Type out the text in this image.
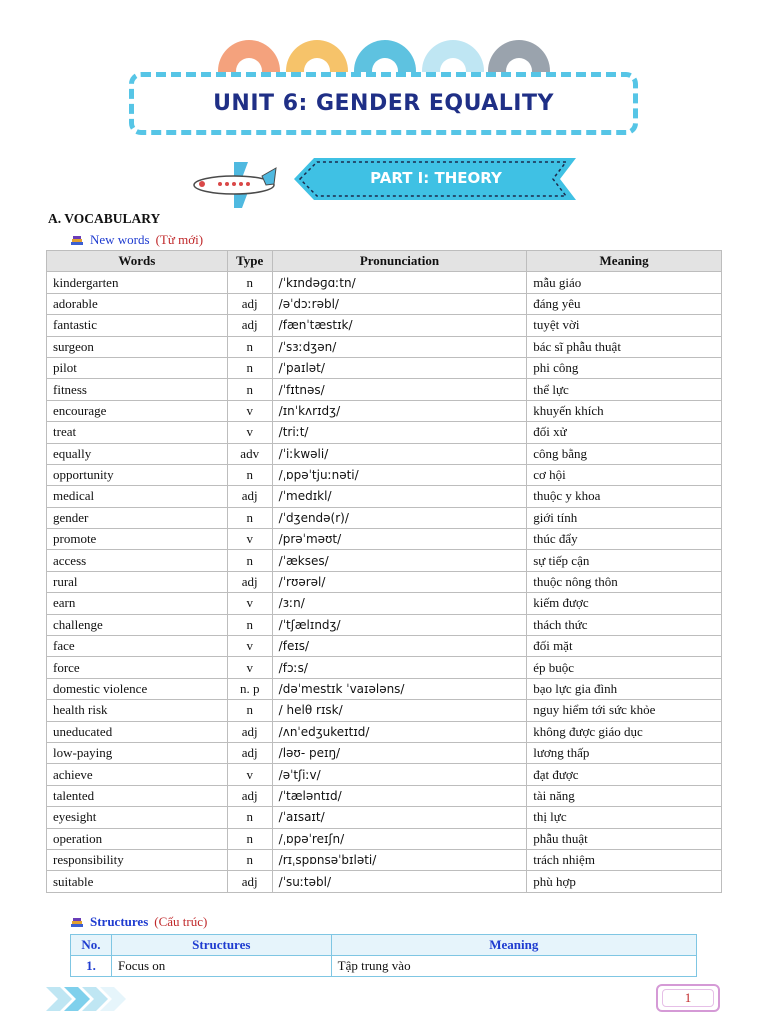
UNIT 6: GENDER EQUALITY
PART I: THEORY
A. VOCABULARY
New words (Từ mới)
Words	Type	Pronunciation	Meaning
kindergarten	n	/ˈkɪndəɡɑːtn/	mẫu giáo
adorable	adj	/əˈdɔːrəbl/	đáng yêu
fantastic	adj	/fænˈtæstɪk/	tuyệt vời
surgeon	n	/ˈsɜːdʒən/	bác sĩ phẫu thuật
pilot	n	/ˈpaɪlət/	phi công
fitness	n	/ˈfɪtnəs/	thể lực
encourage	v	/ɪnˈkʌrɪdʒ/	khuyến khích
treat	v	/triːt/	đối xử
equally	adv	/ˈiːkwəli/	công bằng
opportunity	n	/ˌɒpəˈtjuːnəti/	cơ hội
medical	adj	/ˈmedɪkl/	thuộc y khoa
gender	n	/ˈdʒendə(r)/	giới tính
promote	v	/prəˈməʊt/	thúc đẩy
access	n	/ˈækses/	sự tiếp cận
rural	adj	/ˈrʊərəl/	thuộc nông thôn
earn	v	/ɜːn/	kiếm được
challenge	n	/ˈtʃælɪndʒ/	thách thức
face	v	/feɪs/	đối mặt
force	v	/fɔːs/	ép buộc
domestic violence	n. p	/dəˈmestɪk ˈvaɪələns/	bạo lực gia đình
health risk	n	/ helθ rɪsk/	nguy hiểm tới sức khỏe
uneducated	adj	/ʌnˈedʒukeɪtɪd/	không được giáo dục
low-paying	adj	/ləʊ- peɪŋ/	lương thấp
achieve	v	/əˈtʃiːv/	đạt được
talented	adj	/ˈtæləntɪd/	tài năng
eyesight	n	/ˈaɪsaɪt/	thị lực
operation	n	/ˌɒpəˈreɪʃn/	phẫu thuật
responsibility	n	/rɪˌspɒnsəˈbɪləti/	trách nhiệm
suitable	adj	/ˈsuːtəbl/	phù hợp
Structures (Cấu trúc)
No.	Structures	Meaning
1.	Focus on	Tập trung vào
1
